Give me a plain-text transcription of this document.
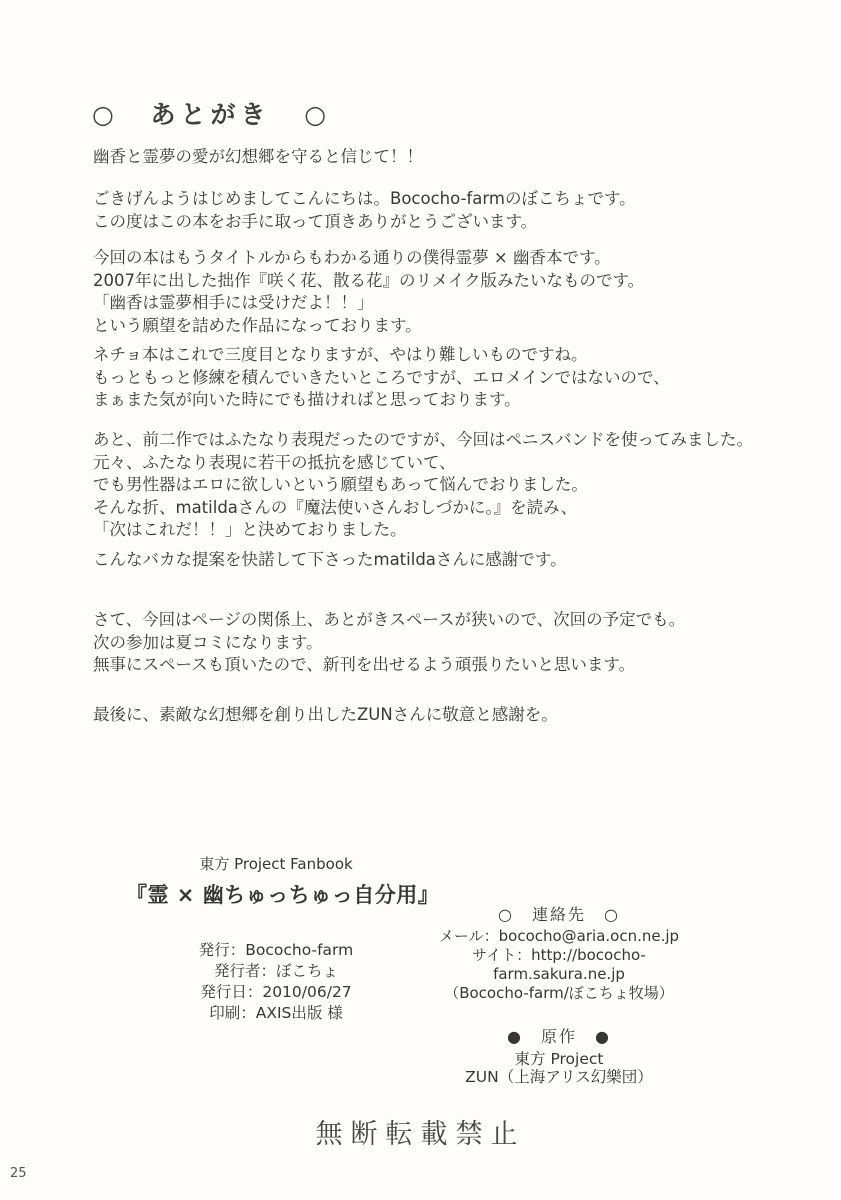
○ あとがき ○
幽香と霊夢の愛が幻想郷を守ると信じて！！
ごきげんようはじめましてこんにちは。Bococho-farmのぼこちょです。
この度はこの本をお手に取って頂きありがとうございます。
今回の本はもうタイトルからもわかる通りの僕得霊夢 × 幽香本です。
2007年に出した拙作『咲く花、散る花』のリメイク版みたいなものです。
「幽香は霊夢相手には受けだよ！！」
という願望を詰めた作品になっております。
ネチョ本はこれで三度目となりますが、やはり難しいものですね。
もっともっと修練を積んでいきたいところですが、エロメインではないので、
まぁまた気が向いた時にでも描ければと思っております。
あと、前二作ではふたなり表現だったのですが、今回はペニスバンドを使ってみました。
元々、ふたなり表現に若干の抵抗を感じていて、
でも男性器はエロに欲しいという願望もあって悩んでおりました。
そんな折、matildaさんの『魔法使いさんおしづかに。』を読み、
「次はこれだ！！」と決めておりました。
こんなバカな提案を快諾して下さったmatildaさんに感謝です。
さて、今回はページの関係上、あとがきスペースが狭いので、次回の予定でも。
次の参加は夏コミになります。
無事にスペースも頂いたので、新刊を出せるよう頑張りたいと思います。
最後に、素敵な幻想郷を創り出したZUNさんに敬意と感謝を。
東方 Project Fanbook
『霊 × 幽ちゅっちゅっ自分用』
発行：Bococho-farm
発行者：ぼこちょ
発行日：2010/06/27
印刷：AXIS出版 様
○　連絡先　○
メール：bococho@aria.ocn.ne.jp
サイト：http://bococho-farm.sakura.ne.jp
（Bococho-farm/ぼこちょ牧場）
●　原作　●
東方 Project
ZUN（上海アリス幻樂団）
無断転載禁止
25
